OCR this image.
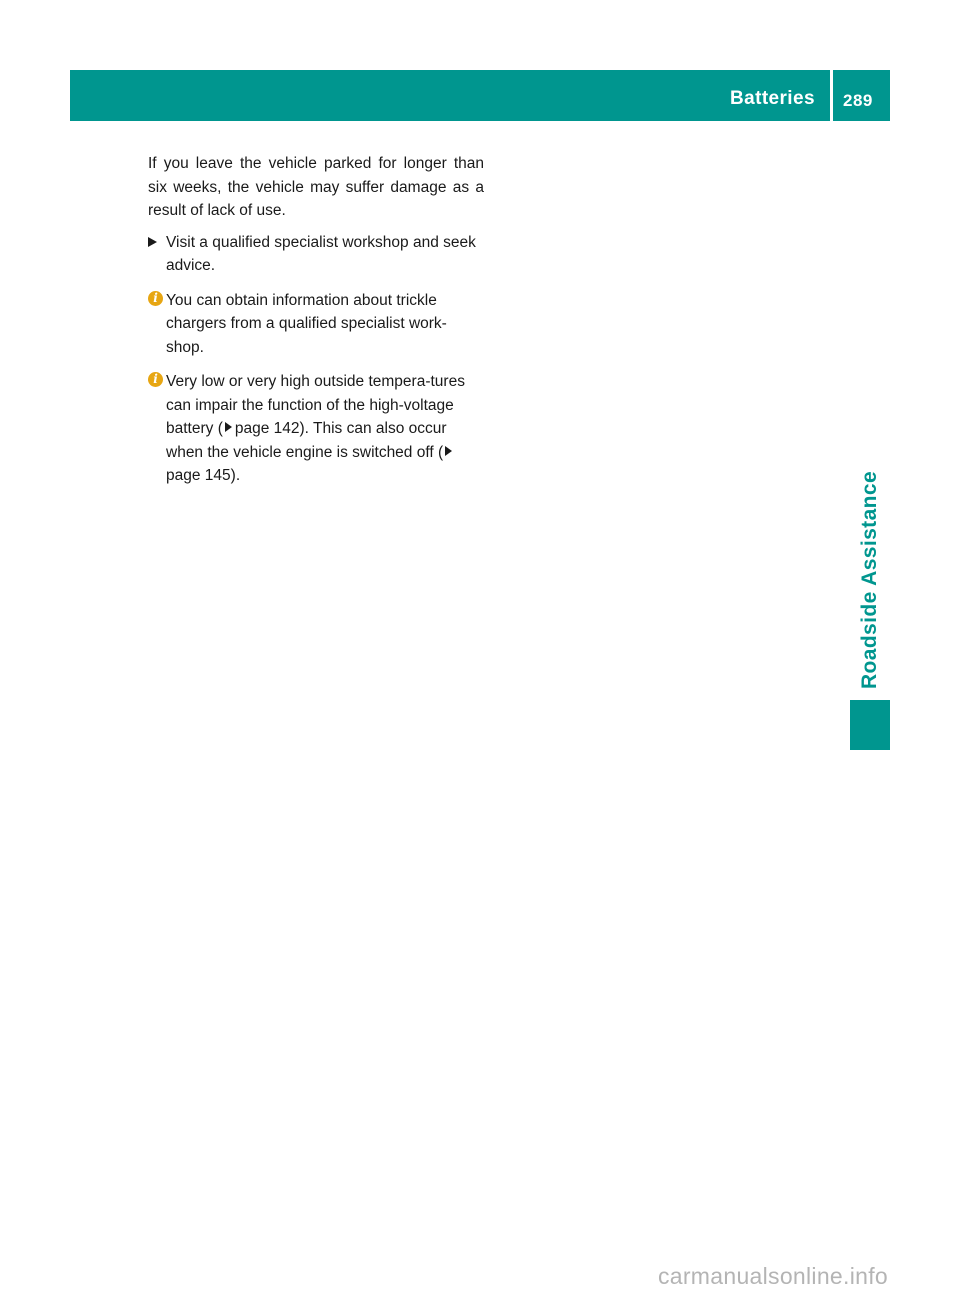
Batteries 289

If you leave the vehicle parked for longer than six weeks, the vehicle may suffer damage as a result of lack of use.

Visit a qualified specialist workshop and seek advice.
i You can obtain information about trickle chargers from a qualified specialist work-shop.
i Very low or very high outside tempera-tures can impair the function of the high-voltage battery ( page 142). This can also occur when the vehicle engine is switched off (page 145).	Roadside Assistance
carmanualsonline.info
